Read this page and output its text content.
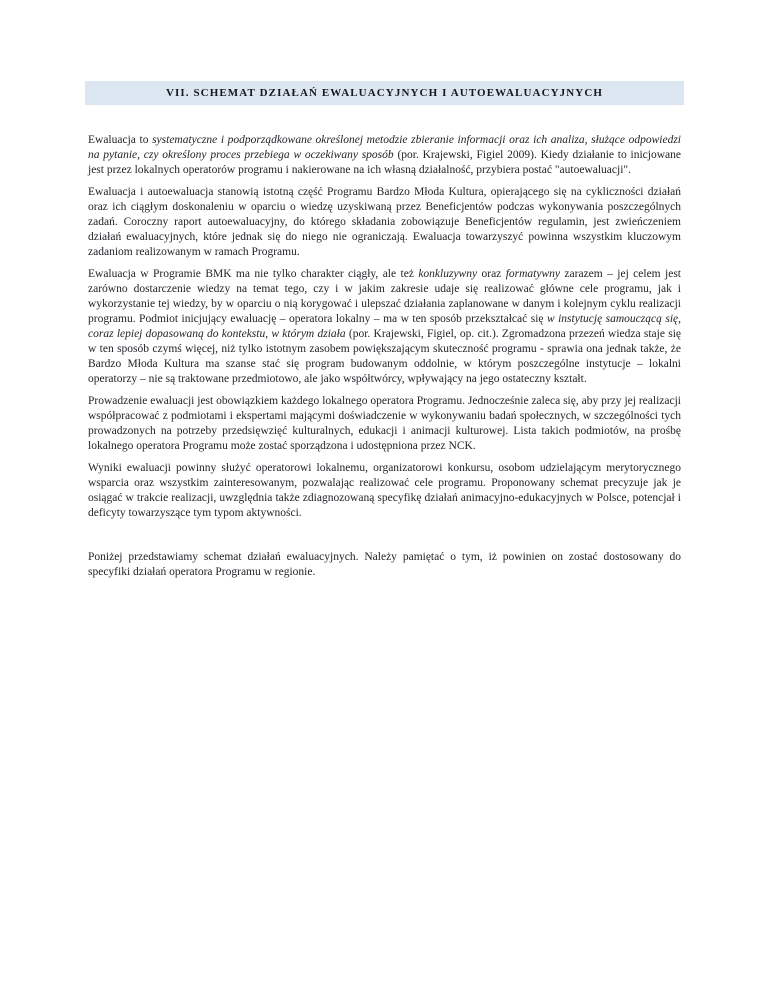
VII. SCHEMAT DZIAŁAŃ EWALUACYJNYCH I AUTOEWALUACYJNYCH

Ewaluacja to systematyczne i podporządkowane określonej metodzie zbieranie informacji oraz ich analiza, służące odpowiedzi na pytanie, czy określony proces przebiega w oczekiwany sposób (por. Krajewski, Figiel 2009). Kiedy działanie to inicjowane jest przez lokalnych operatorów programu i nakierowane na ich własną działalność, przybiera postać "autoewaluacji".

Ewaluacja i autoewaluacja stanowią istotną część Programu Bardzo Młoda Kultura, opierającego się na cykliczności działań oraz ich ciągłym doskonaleniu w oparciu o wiedzę uzyskiwaną przez Beneficjentów podczas wykonywania poszczególnych zadań. Coroczny raport autoewaluacyjny, do którego składania zobowiązuje Beneficjentów regulamin, jest zwieńczeniem działań ewaluacyjnych, które jednak się do niego nie ograniczają. Ewaluacja towarzyszyć powinna wszystkim kluczowym zadaniom realizowanym w ramach Programu.

Ewaluacja w Programie BMK ma nie tylko charakter ciągły, ale też konkluzywny oraz formatywny zarazem – jej celem jest zarówno dostarczenie wiedzy na temat tego, czy i w jakim zakresie udaje się realizować główne cele programu, jak i wykorzystanie tej wiedzy, by w oparciu o nią korygować i ulepszać działania zaplanowane w danym i kolejnym cyklu realizacji programu. Podmiot inicjujący ewaluację – operatora lokalny – ma w ten sposób przekształcać się w instytucję samouczącą się, coraz lepiej dopasowaną do kontekstu, w którym działa (por. Krajewski, Figiel, op. cit.). Zgromadzona przezeń wiedza staje się w ten sposób czymś więcej, niż tylko istotnym zasobem powiększającym skuteczność programu - sprawia ona jednak także, że Bardzo Młoda Kultura ma szanse stać się program budowanym oddolnie, w którym poszczególne instytucje – lokalni operatorzy – nie są traktowane przedmiotowo, ale jako współtwórcy, wpływający na jego ostateczny kształt.

Prowadzenie ewaluacji jest obowiązkiem każdego lokalnego operatora Programu. Jednocześnie zaleca się, aby przy jej realizacji współpracować z podmiotami i ekspertami mającymi doświadczenie w wykonywaniu badań społecznych, w szczególności tych prowadzonych na potrzeby przedsięwzięć kulturalnych, edukacji i animacji kulturowej. Lista takich podmiotów, na prośbę lokalnego operatora Programu może zostać sporządzona i udostępniona przez NCK.

Wyniki ewaluacji powinny służyć operatorowi lokalnemu, organizatorowi konkursu, osobom udzielającym merytorycznego wsparcia oraz wszystkim zainteresowanym, pozwalając realizować cele programu. Proponowany schemat precyzuje jak je osiągać w trakcie realizacji, uwzględnia także zdiagnozowaną specyfikę działań animacyjno-edukacyjnych w Polsce, potencjał i deficyty towarzyszące tym typom aktywności.

Poniżej przedstawiamy schemat działań ewaluacyjnych. Należy pamiętać o tym, iż powinien on zostać dostosowany do specyfiki działań operatora Programu w regionie.
